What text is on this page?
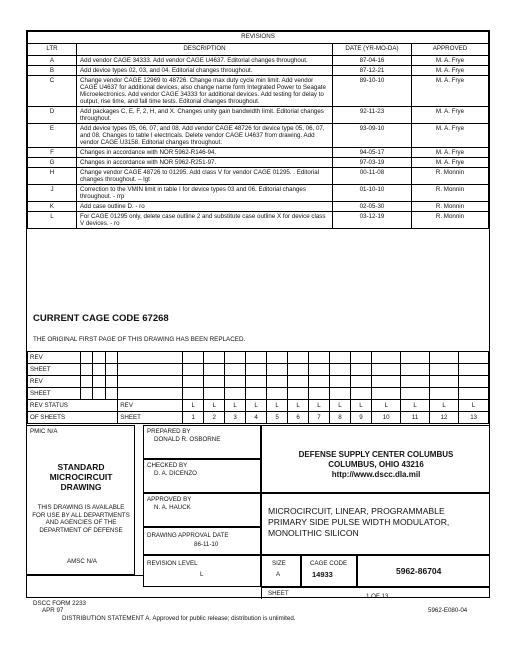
REVISIONS			
LTR	DESCRIPTION	DATE (YR-MO-DA)	APPROVED
A	Add vendor CAGE 34333. Add vendor CAGE U4637. Editorial changes throughout.	87-04-16	M. A. Frye
B	Add device types 02, 03, and 04. Editorial changes throughout.	87-12-21	M. A. Frye
C	Change vendor CAGE 12969 to 48726. Change max duty cycle min limit. Add vendor CAGE U4637 for additional devices, also change name form Integrated Power to Seagate Microelectronics. Add vendor CAGE 34333 for additional devices. Add testing for delay to output, rise time, and fall time tests. Editorial changes throughout.	89-10-10	M. A. Frye
D	Add packages C, E, F, 2, H, and X. Changes unity gain bandwidth limit. Editorial changes throughout.	92-11-23	M. A. Frye
E	Add device types 05, 06, 07, and 08. Add vendor CAGE 48726 for device type 05, 06, 07, and 08. Changes to table I electricals. Delete vendor CAGE U4637 from drawing. Add vendor CAGE U3158. Editorial changes throughout.	93-09-10	M. A. Frye
F	Changes in accordance with NOR 5962-R146-94.	94-05-17	M. A. Frye
G	Changes in accordance with NOR 5962-R251-97.	97-03-19	M. A. Frye
H	Change vendor CAGE 48726 to 01295. Add class V for vendor CAGE 01295. . Editorial changes throughout. – lgt	00-11-08	R. Monnin
J	Correction to the VMIN limit in table I for device types 03 and 06. Editorial changes throughout. - rrp	01-10-10	R. Monnin
K	Add case outline D. - ro	02-05-30	R. Monnin
L	For CAGE 01295 only, delete case outline 2 and substitute case outline X for device class V devices. - ro	03-12-19	R. Monnin
CURRENT CAGE CODE 67268
THE ORIGINAL FIRST PAGE OF THIS DRAWING HAS BEEN REPLACED.
REV																	
SHEET																	
REV																	
SHEET																	
REV STATUS				REV	L	L	L	L	L	L	L	L	L	L	L	L	L
OF SHEETS				SHEET	1	2	3	4	5	6	7	8	9	10	11	12	13
PMIC N/A
STANDARD
MICROCIRCUIT
DRAWING
THIS DRAWING IS AVAILABLE FOR USE BY ALL DEPARTMENTS AND AGENCIES OF THE DEPARTMENT OF DEFENSE
AMSC N/A
PREPARED BY
DONALD R. OSBORNE
CHECKED BY
D. A. DICENZO
APPROVED BY
N. A. HAUCK
DRAWING APPROVAL DATE
86-11-10
REVISION LEVEL
L
DEFENSE SUPPLY CENTER COLUMBUS
COLUMBUS, OHIO 43216
http://www.dscc.dla.mil
MICROCIRCUIT, LINEAR, PROGRAMMABLE PRIMARY SIDE PULSE WIDTH MODULATOR, MONOLITHIC SILICON
SIZE
A
CAGE CODE
14933	5962-86704
SHEET	1 OF 13
DSCC FORM 2233
APR 97
DISTRIBUTION STATEMENT A. Approved for public release; distribution is unlimited.
5962-E080-04
